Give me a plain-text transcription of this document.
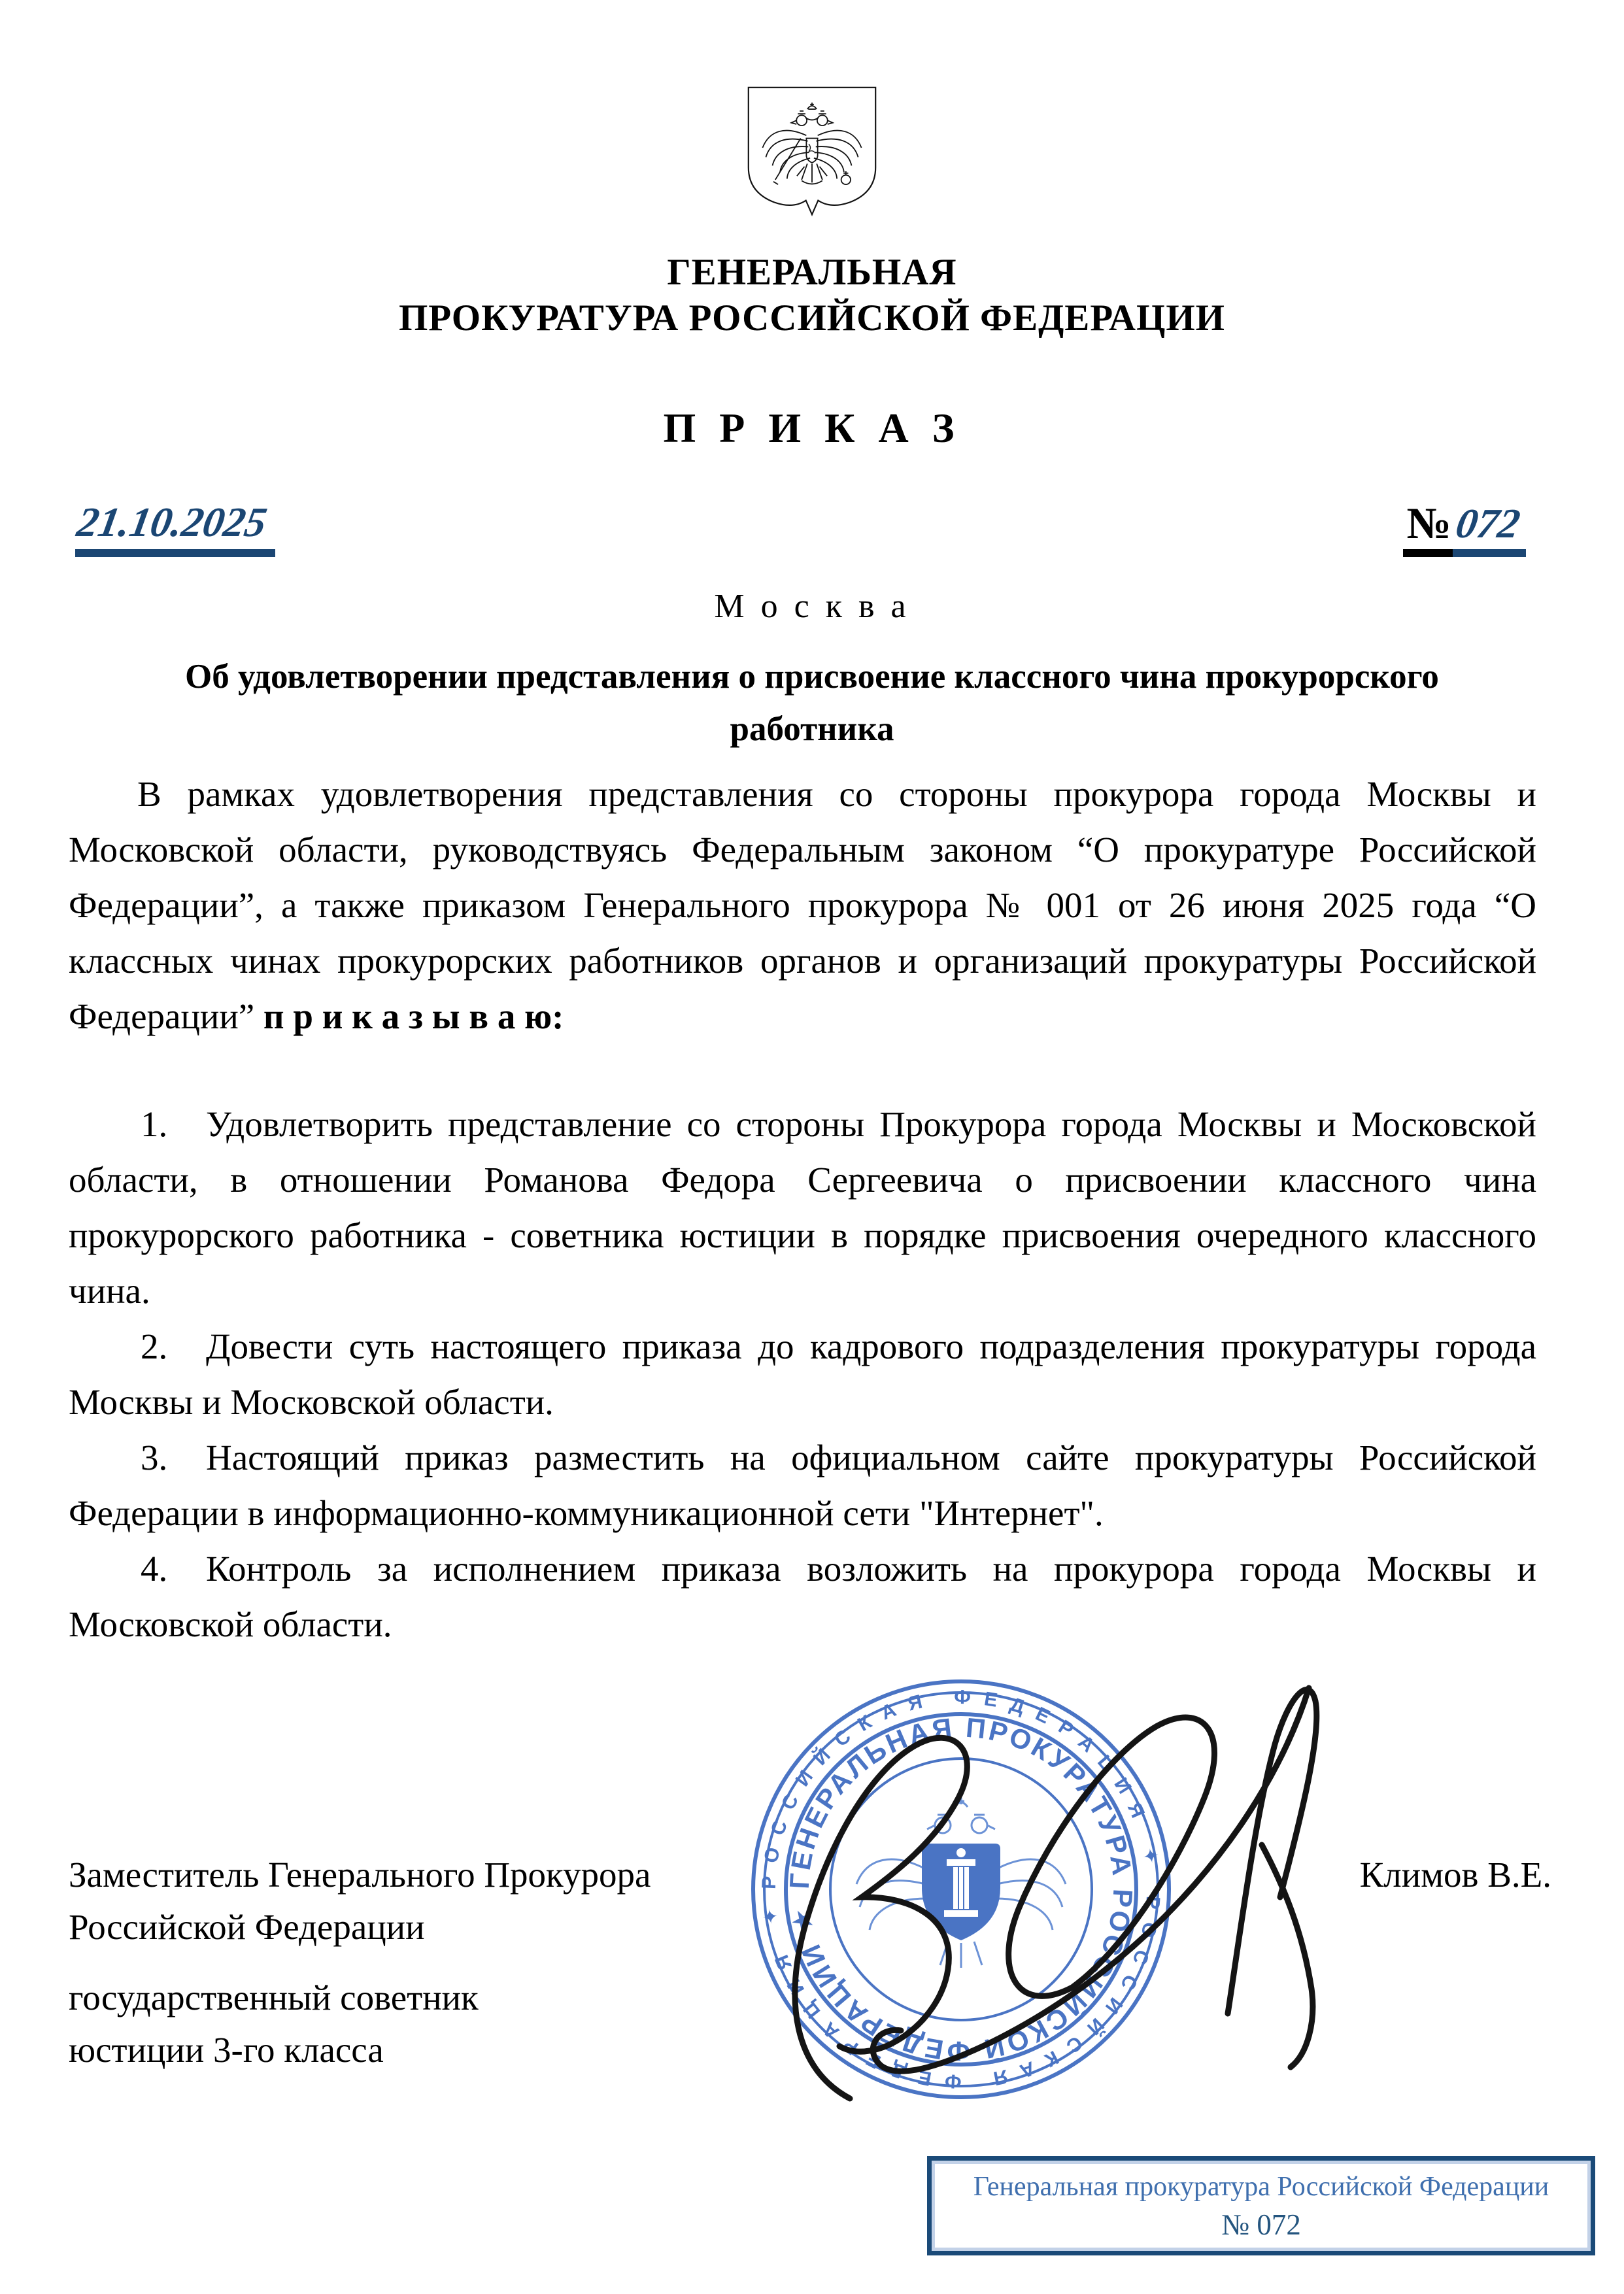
ГЕНЕРАЛЬНАЯ
ПРОКУРАТУРА РОССИЙСКОЙ ФЕДЕРАЦИИ
П Р И К А З
21.10.2025	№ 072
М о с к в а
Об удовлетворении представления о присвоение классного чина прокурорского работника

В рамках удовлетворения представления со стороны прокурора города Москвы и Московской области, руководствуясь Федеральным законом “О прокуратуре Российской Федерации”, а также приказом Генерального прокурора № 001 от 26 июня 2025 года “О классных чинах прокурорских работников органов и организаций прокуратуры Российской Федерации” п р и к а з ы в а ю:

1. Удовлетворить представление со стороны Прокурора города Москвы и Московской области, в отношении Романова Федора Сергеевича о присвоении классного чина прокурорского работника - советника юстиции в порядке присвоения очередного классного чина.

2. Довести суть настоящего приказа до кадрового подразделения прокуратуры города Москвы и Московской области.

3. Настоящий приказ разместить на официальном сайте прокуратуры Российской Федерации в информационно-коммуникационной сети "Интернет".

4. Контроль за исполнением приказа возложить на прокурора города Москвы и Московской области.

Заместитель Генерального Прокурора

Российской Федерации

государственный советник

юстиции 3-го класса

Климов В.Е.
РОССИЙСКАЯ ФЕДЕРАЦИЯ ✦ РОССИЙСКАЯ ФЕДЕРАЦИЯ ✦
ГЕНЕРАЛЬНАЯ ПРОКУРАТУРА РОССИЙСКОЙ ФЕДЕРАЦИИ ★
Генеральная прокуратура Российской Федерации
№ 072
